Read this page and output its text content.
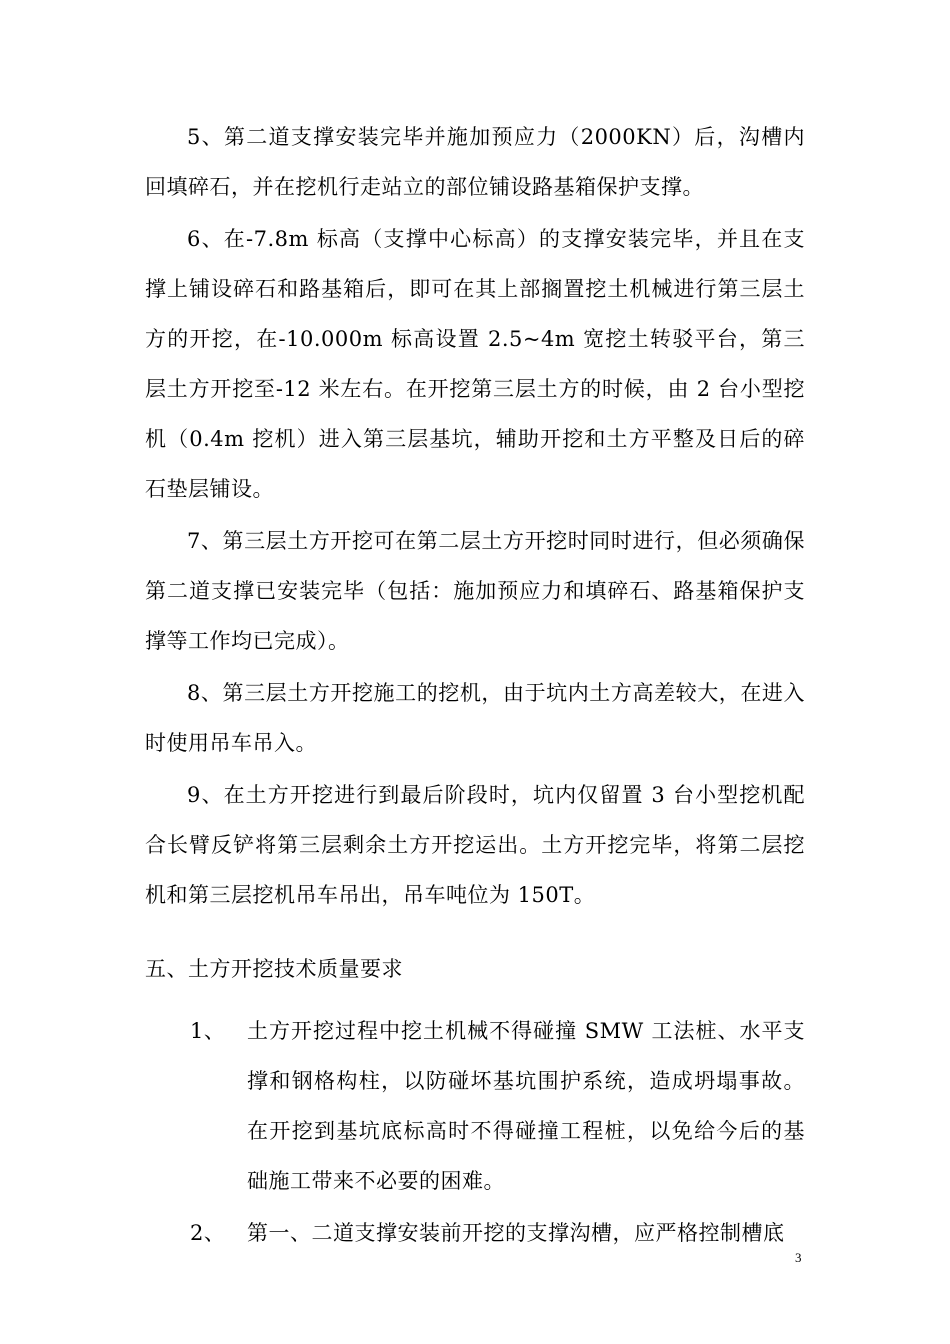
5、第二道支撑安装完毕并施加预应力（2000KN）后，沟槽内回填碎石，并在挖机行走站立的部位铺设路基箱保护支撑。

6、在-7.8m 标高（支撑中心标高）的支撑安装完毕，并且在支撑上铺设碎石和路基箱后，即可在其上部搁置挖土机械进行第三层土方的开挖，在-10.000m 标高设置 2.5~4m 宽挖土转驳平台，第三层土方开挖至-12 米左右。在开挖第三层土方的时候，由 2 台小型挖机（0.4m 挖机）进入第三层基坑，辅助开挖和土方平整及日后的碎石垫层铺设。

7、第三层土方开挖可在第二层土方开挖时同时进行，但必须确保第二道支撑已安装完毕（包括：施加预应力和填碎石、路基箱保护支撑等工作均已完成）。

8、第三层土方开挖施工的挖机，由于坑内土方高差较大，在进入时使用吊车吊入。

9、在土方开挖进行到最后阶段时，坑内仅留置 3 台小型挖机配合长臂反铲将第三层剩余土方开挖运出。土方开挖完毕，将第二层挖机和第三层挖机吊车吊出，吊车吨位为 150T。

五、土方开挖技术质量要求
1、	土方开挖过程中挖土机械不得碰撞 SMW 工法桩、水平支撑和钢格构柱，以防碰坏基坑围护系统，造成坍塌事故。在开挖到基坑底标高时不得碰撞工程桩，以免给今后的基础施工带来不必要的困难。
2、	第一、二道支撑安装前开挖的支撑沟槽，应严格控制槽底
3
